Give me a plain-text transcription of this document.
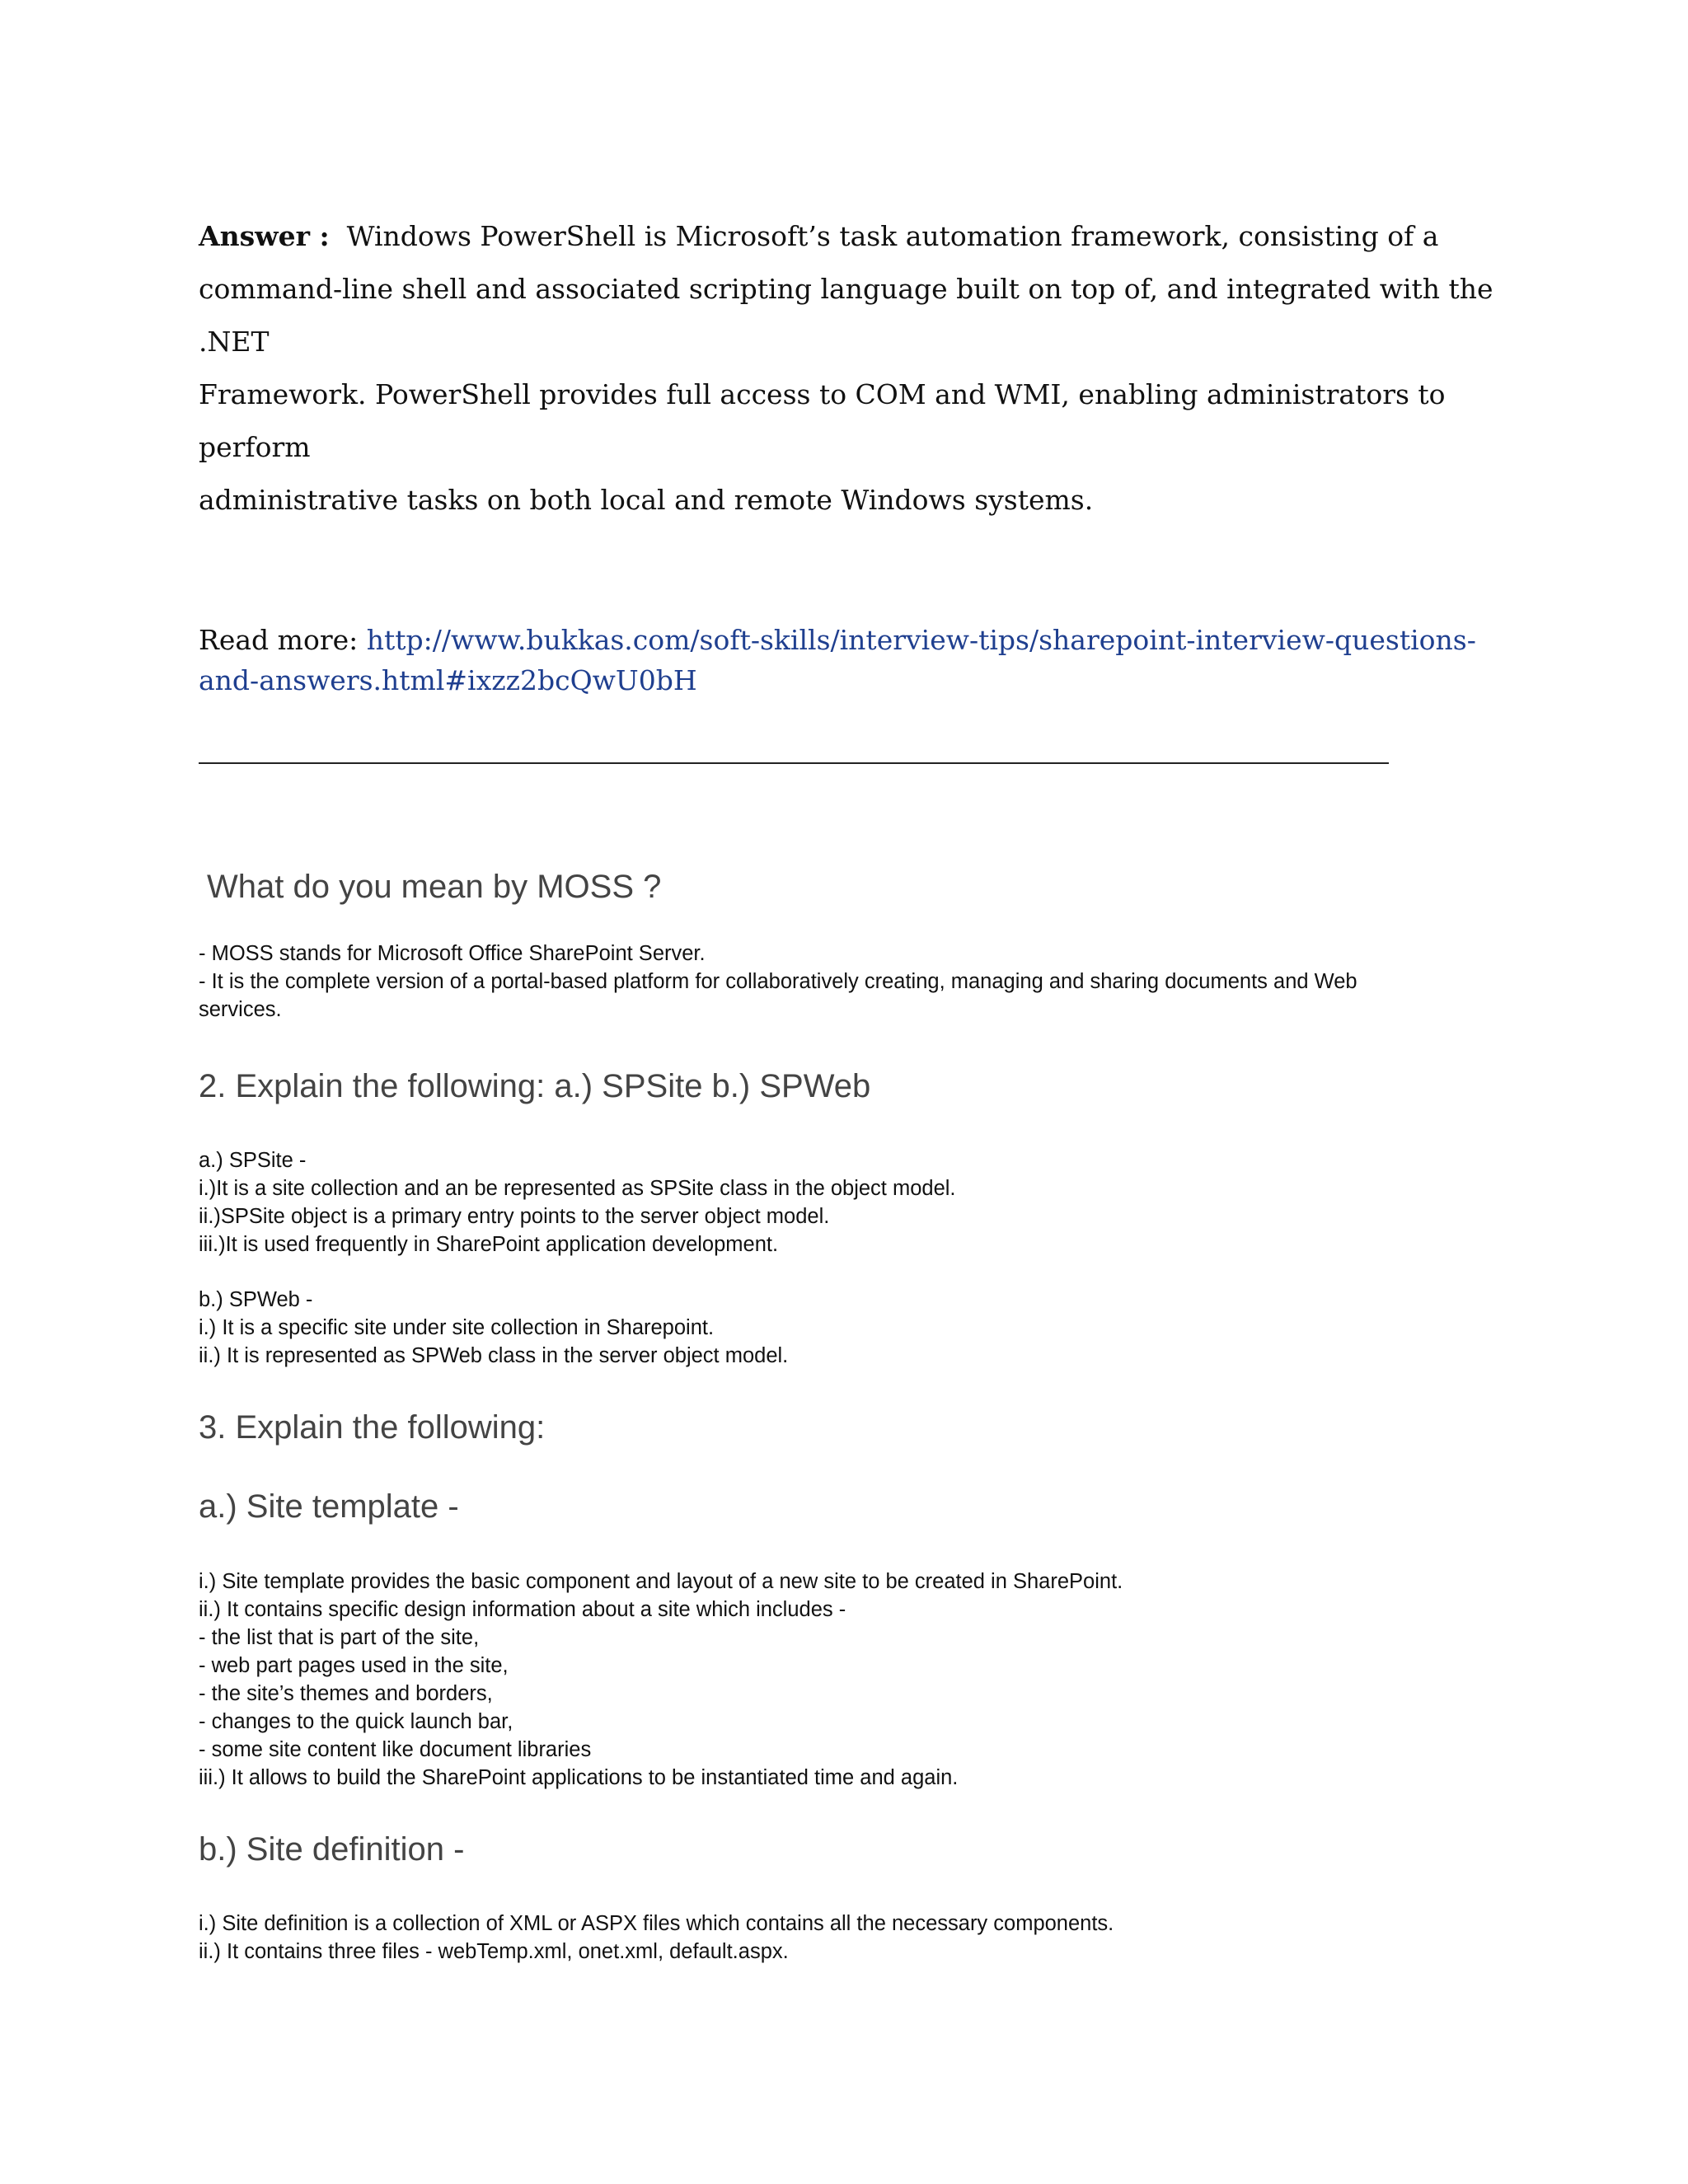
Answer : Windows PowerShell is Microsoft’s task automation framework, consisting of a
command-line shell and associated scripting language built on top of, and integrated with the .NET
Framework. PowerShell provides full access to COM and WMI, enabling administrators to perform
administrative tasks on both local and remote Windows systems.
Read more: http://www.bukkas.com/soft-skills/interview-tips/sharepoint-interview-questions-
and-answers.html#ixzz2bcQwU0bH
What do you mean by MOSS ?
- MOSS stands for Microsoft Office SharePoint Server.
- It is the complete version of a portal-based platform for collaboratively creating, managing and sharing documents and Web
services.
2. Explain the following: a.) SPSite b.) SPWeb
a.) SPSite -
i.)It is a site collection and an be represented as SPSite class in the object model.
ii.)SPSite object is a primary entry points to the server object model.
iii.)It is used frequently in SharePoint application development.
b.) SPWeb -
i.) It is a specific site under site collection in Sharepoint.
ii.) It is represented as SPWeb class in the server object model.
3. Explain the following:
a.) Site template -
i.) Site template provides the basic component and layout of a new site to be created in SharePoint.
ii.) It contains specific design information about a site which includes -
- the list that is part of the site,
- web part pages used in the site,
- the site’s themes and borders,
- changes to the quick launch bar,
- some site content like document libraries
iii.) It allows to build the SharePoint applications to be instantiated time and again.
b.) Site definition -
i.) Site definition is a collection of XML or ASPX files which contains all the necessary components.
ii.) It contains three files - webTemp.xml, onet.xml, default.aspx.
